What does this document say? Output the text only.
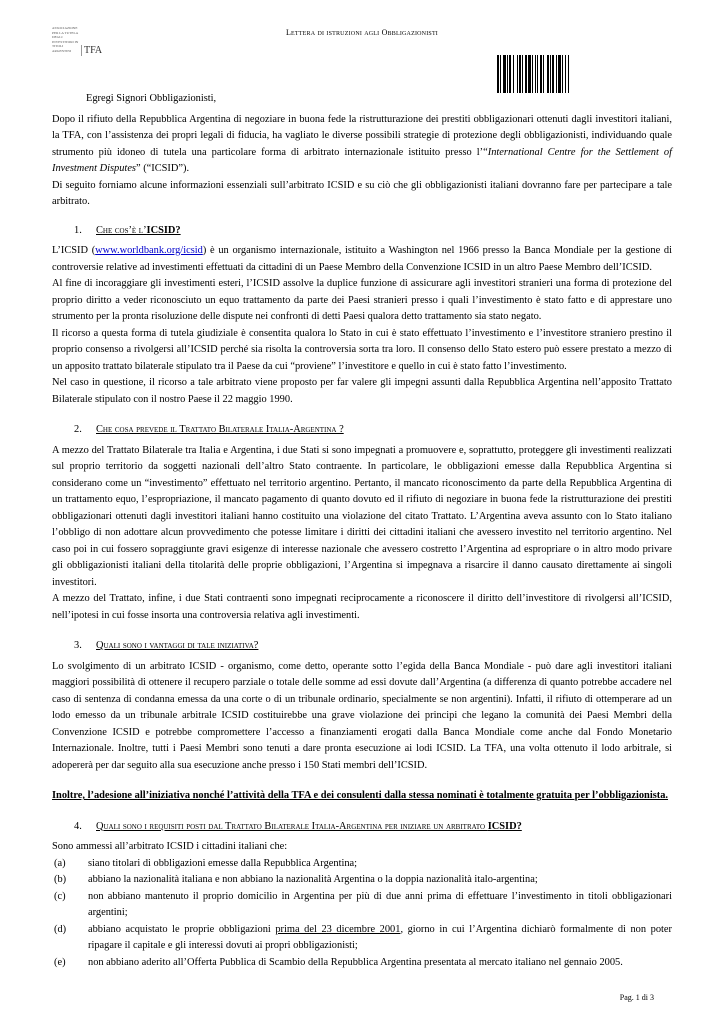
ASSOCIAZIONE PER LA TUTELA DEGLI INVESTITORI IN TITOLI ARGENTINI	TFA
Lettera di istruzioni agli Obbligazionisti

Egregi Signori Obbligazionisti,

Dopo il rifiuto della Repubblica Argentina di negoziare in buona fede la ristrutturazione dei prestiti obbligazionari ottenuti dagli investitori italiani, la TFA, con l’assistenza dei propri legali di fiducia, ha vagliato le diverse possibili strategie di protezione degli obbligazionisti, individuando quale strumento più idoneo di tutela una particolare forma di arbitrato internazionale istituito presso l’“International Centre for the Settlement of Investment Disputes” (“ICSID”).

Di seguito forniamo alcune informazioni essenziali sull’arbitrato ICSID e su ciò che gli obbligazionisti italiani dovranno fare per partecipare a tale arbitrato.

1. Che cos’è l’ICSID?

L’ICSID (www.worldbank.org/icsid) è un organismo internazionale, istituito a Washington nel 1966 presso la Banca Mondiale per la gestione di controversie relative ad investimenti effettuati da cittadini di un Paese Membro della Convenzione ICSID in un altro Paese Membro dell’ICSID.

Al fine di incoraggiare gli investimenti esteri, l’ICSID assolve la duplice funzione di assicurare agli investitori stranieri una forma di protezione del proprio diritto a veder riconosciuto un equo trattamento da parte dei Paesi stranieri presso i quali l’investimento è stato fatto e di apprestare uno strumento per la pronta risoluzione delle dispute nei confronti di detti Paesi qualora detto trattamento sia stato negato.

Il ricorso a questa forma di tutela giudiziale è consentita qualora lo Stato in cui è stato effettuato l’investimento e l’investitore straniero prestino il proprio consenso a rivolgersi all’ICSID perché sia risolta la controversia sorta tra loro. Il consenso dello Stato estero può essere prestato a mezzo di un apposito trattato bilaterale stipulato tra il Paese da cui “proviene” l’investitore e quello in cui è stato fatto l’investimento.

Nel caso in questione, il ricorso a tale arbitrato viene proposto per far valere gli impegni assunti dalla Repubblica Argentina nell’apposito Trattato Bilaterale stipulato con il nostro Paese il 22 maggio 1990.

2. Che cosa prevede il Trattato Bilaterale Italia-Argentina ?

A mezzo del Trattato Bilaterale tra Italia e Argentina, i due Stati si sono impegnati a promuovere e, soprattutto, proteggere gli investimenti realizzati sul proprio territorio da soggetti nazionali dell’altro Stato contraente. In particolare, le obbligazioni emesse dalla Repubblica Argentina si considerano come un “investimento” effettuato nel territorio argentino. Pertanto, il mancato riconoscimento da parte della Repubblica Argentina di un trattamento equo, l’espropriazione, il mancato pagamento di quanto dovuto ed il rifiuto di negoziare in buona fede la ristrutturazione dei prestiti obbligazionari ottenuti dagli investitori italiani hanno costituito una violazione del citato Trattato. L’Argentina aveva assunto con lo Stato italiano l’obbligo di non adottare alcun provvedimento che potesse limitare i diritti dei cittadini italiani che avessero investito nel territorio argentino. Nel caso poi in cui fossero sopraggiunte gravi esigenze di interesse nazionale che avessero costretto l’Argentina ad espropriare o in altro modo privare gli obbligazionisti italiani della titolarità delle proprie obbligazioni, l’Argentina si impegnava a risarcire il danno causato direttamente ai singoli investitori.

A mezzo del Trattato, infine, i due Stati contraenti sono impegnati reciprocamente a riconoscere il diritto dell’investitore di rivolgersi all’ICSID, nell’ipotesi in cui fosse insorta una controversia relativa agli investimenti.

3. Quali sono i vantaggi di tale iniziativa?

Lo svolgimento di un arbitrato ICSID - organismo, come detto, operante sotto l’egida della Banca Mondiale - può dare agli investitori italiani maggiori possibilità di ottenere il recupero parziale o totale delle somme ad essi dovute dall’Argentina (a differenza di quanto potrebbe accadere nel caso di sentenza di condanna emessa da una corte o di un tribunale ordinario, specialmente se non argentini). Infatti, il rifiuto di ottemperare ad un lodo emesso da un tribunale arbitrale ICSID costituirebbe una grave violazione dei principi che legano la comunità dei Paesi Membri della Convenzione ICSID e potrebbe compromettere l’accesso a finanziamenti erogati dalla Banca Mondiale come anche dal Fondo Monetario Internazionale. Inoltre, tutti i Paesi Membri sono tenuti a dare pronta esecuzione ai lodi ICSID. La TFA, una volta ottenuto il lodo arbitrale, si adopererà per dar seguito alla sua esecuzione anche presso i 150 Stati membri dell’ICSID.

Inoltre, l’adesione all’iniziativa nonché l’attività della TFA e dei consulenti dalla stessa nominati è totalmente gratuita per l’obbligazionista.

4. Quali sono i requisiti posti dal Trattato Bilaterale Italia-Argentina per iniziare un arbitrato ICSID?

Sono ammessi all’arbitrato ICSID i cittadini italiani che:

(a)	siano titolari di obbligazioni emesse dalla Repubblica Argentina;
(b)	abbiano la nazionalità italiana e non abbiano la nazionalità Argentina o la doppia nazionalità italo-argentina;
(c)	non abbiano mantenuto il proprio domicilio in Argentina per più di due anni prima di effettuare l’investimento in titoli obbligazionari argentini;
(d)	abbiano acquistato le proprie obbligazioni prima del 23 dicembre 2001, giorno in cui l’Argentina dichiarò formalmente di non poter ripagare il capitale e gli interessi dovuti ai propri obbligazionisti;
(e)	non abbiano aderito all’Offerta Pubblica di Scambio della Repubblica Argentina presentata al mercato italiano nel gennaio 2005.
Pag. 1 di 3
